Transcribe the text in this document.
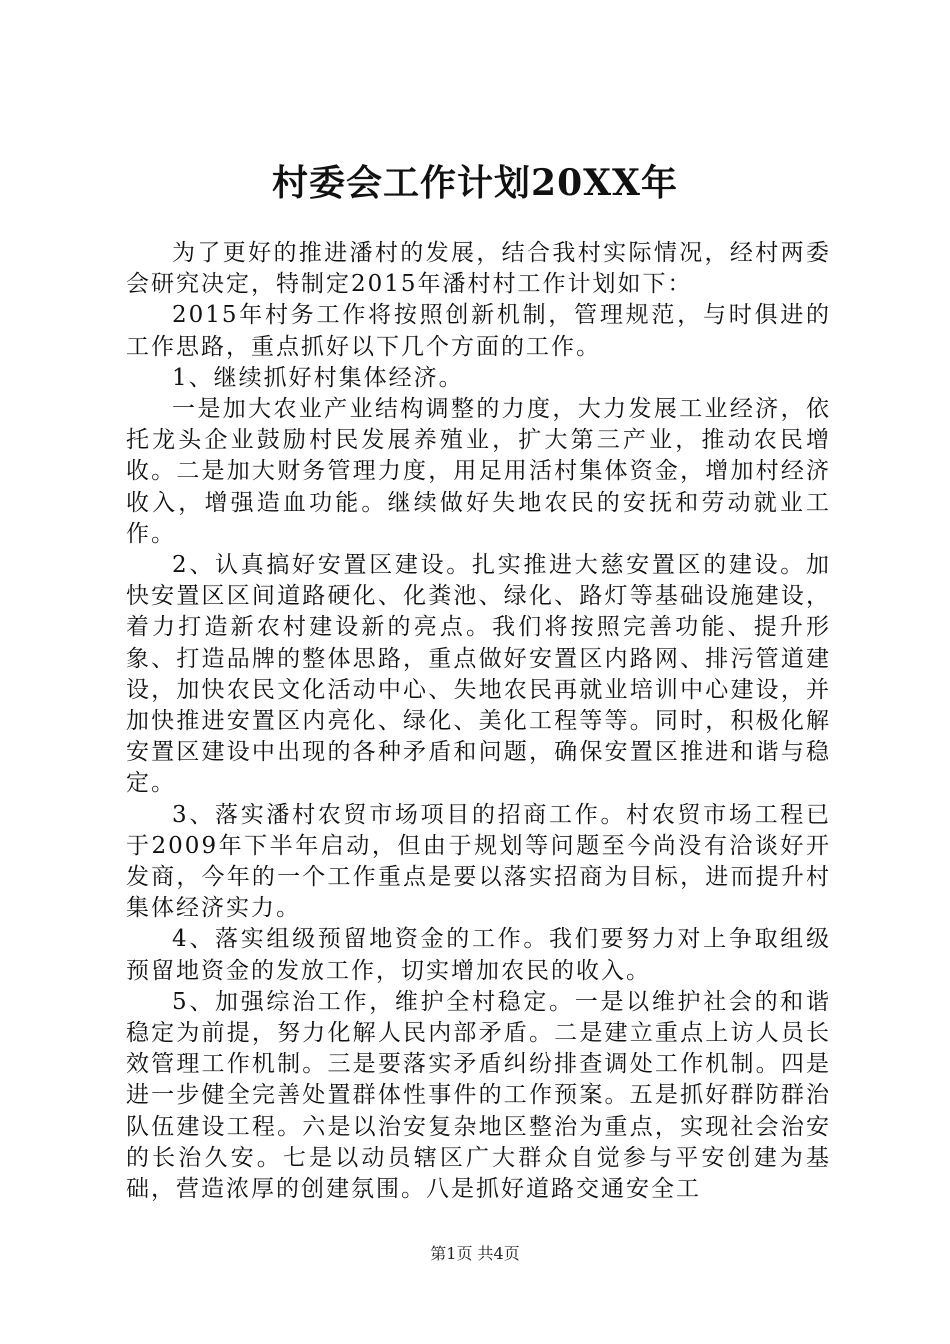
村委会工作计划20XX年

为了更好的推进潘村的发展，结合我村实际情况，经村两委会研究决定，特制定2015年潘村村工作计划如下：

2015年村务工作将按照创新机制，管理规范，与时俱进的工作思路，重点抓好以下几个方面的工作。

1、继续抓好村集体经济。

一是加大农业产业结构调整的力度，大力发展工业经济，依托龙头企业鼓励村民发展养殖业，扩大第三产业，推动农民增收。二是加大财务管理力度，用足用活村集体资金，增加村经济收入，增强造血功能。继续做好失地农民的安抚和劳动就业工作。

2、认真搞好安置区建设。扎实推进大慈安置区的建设。加快安置区区间道路硬化、化粪池、绿化、路灯等基础设施建设，着力打造新农村建设新的亮点。我们将按照完善功能、提升形象、打造品牌的整体思路，重点做好安置区内路网、排污管道建设，加快农民文化活动中心、失地农民再就业培训中心建设，并加快推进安置区内亮化、绿化、美化工程等等。同时，积极化解安置区建设中出现的各种矛盾和问题，确保安置区推进和谐与稳定。

3、落实潘村农贸市场项目的招商工作。村农贸市场工程已于2009年下半年启动，但由于规划等问题至今尚没有洽谈好开发商，今年的一个工作重点是要以落实招商为目标，进而提升村集体经济实力。

4、落实组级预留地资金的工作。我们要努力对上争取组级预留地资金的发放工作，切实增加农民的收入。

5、加强综治工作，维护全村稳定。一是以维护社会的和谐稳定为前提，努力化解人民内部矛盾。二是建立重点上访人员长效管理工作机制。三是要落实矛盾纠纷排查调处工作机制。四是进一步健全完善处置群体性事件的工作预案。五是抓好群防群治队伍建设工程。六是以治安复杂地区整治为重点，实现社会治安的长治久安。七是以动员辖区广大群众自觉参与平安创建为基础，营造浓厚的创建氛围。八是抓好道路交通安全工

第1页 共4页
